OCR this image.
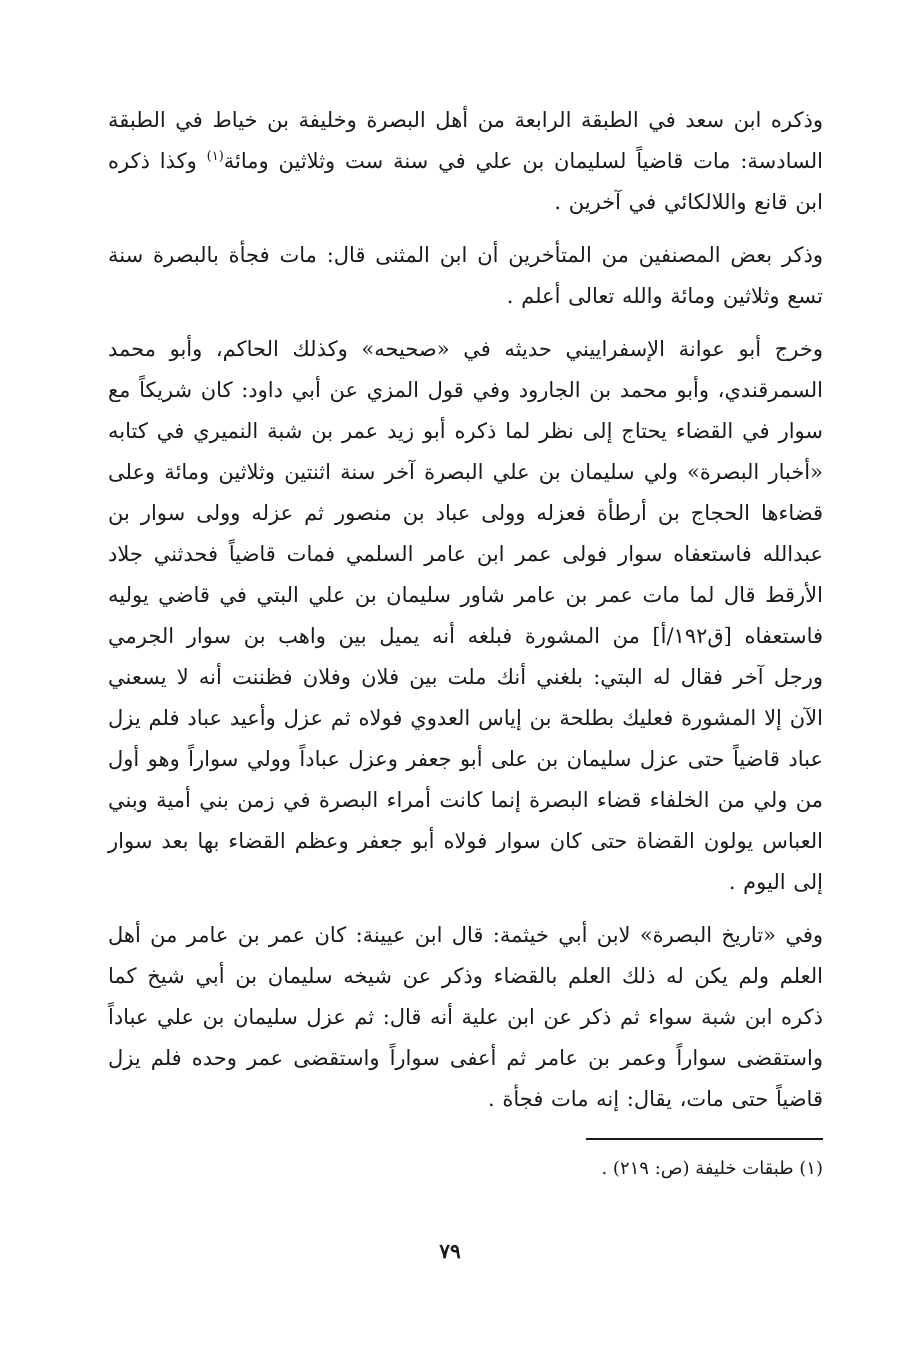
وذكره ابن سعد في الطبقة الرابعة من أهل البصرة وخليفة بن خياط في الطبقة السادسة: مات قاضياً لسليمان بن علي في سنة ست وثلاثين ومائة$^{(١)}$ وكذا ذكره ابن قانع واللالكائي في آخرين .

وذكر بعض المصنفين من المتأخرين أن ابن المثنى قال: مات فجأة بالبصرة سنة تسع وثلاثين ومائة والله تعالى أعلم .

وخرج أبو عوانة الإسفراييني حديثه في «صحيحه» وكذلك الحاكم، وأبو محمد السمرقندي، وأبو محمد بن الجارود وفي قول المزي عن أبي داود: كان شريكاً مع سوار في القضاء يحتاج إلى نظر لما ذكره أبو زيد عمر بن شبة النميري في كتابه «أخبار البصرة» ولي سليمان بن علي البصرة آخر سنة اثنتين وثلاثين ومائة وعلى قضاءها الحجاج بن أرطأة فعزله وولى عباد بن منصور ثم عزله وولى سوار بن عبدالله فاستعفاه سوار فولى عمر ابن عامر السلمي فمات قاضياً فحدثني جلاد الأرقط قال لما مات عمر بن عامر شاور سليمان بن علي البتي في قاضي يوليه فاستعفاه [ق١٩٢/أ] من المشورة فبلغه أنه يميل بين واهب بن سوار الجرمي ورجل آخر فقال له البتي: بلغني أنك ملت بين فلان وفلان فظننت أنه لا يسعني الآن إلا المشورة فعليك بطلحة بن إياس العدوي فولاه ثم عزل وأعيد عباد فلم يزل عباد قاضياً حتى عزل سليمان بن على أبو جعفر وعزل عباداً وولي سواراً وهو أول من ولي من الخلفاء قضاء البصرة إنما كانت أمراء البصرة في زمن بني أمية وبني العباس يولون القضاة حتى كان سوار فولاه أبو جعفر وعظم القضاء بها بعد سوار إلى اليوم .

وفي «تاريخ البصرة» لابن أبي خيثمة: قال ابن عيينة: كان عمر بن عامر من أهل العلم ولم يكن له ذلك العلم بالقضاء وذكر عن شيخه سليمان بن أبي شيخ كما ذكره ابن شبة سواء ثم ذكر عن ابن علية أنه قال: ثم عزل سليمان بن علي عباداً واستقضى سواراً وعمر بن عامر ثم أعفى سواراً واستقضى عمر وحده فلم يزل قاضياً حتى مات، يقال: إنه مات فجأة .

(١) طبقات خليفة (ص: ٢١٩) .
٧٩
